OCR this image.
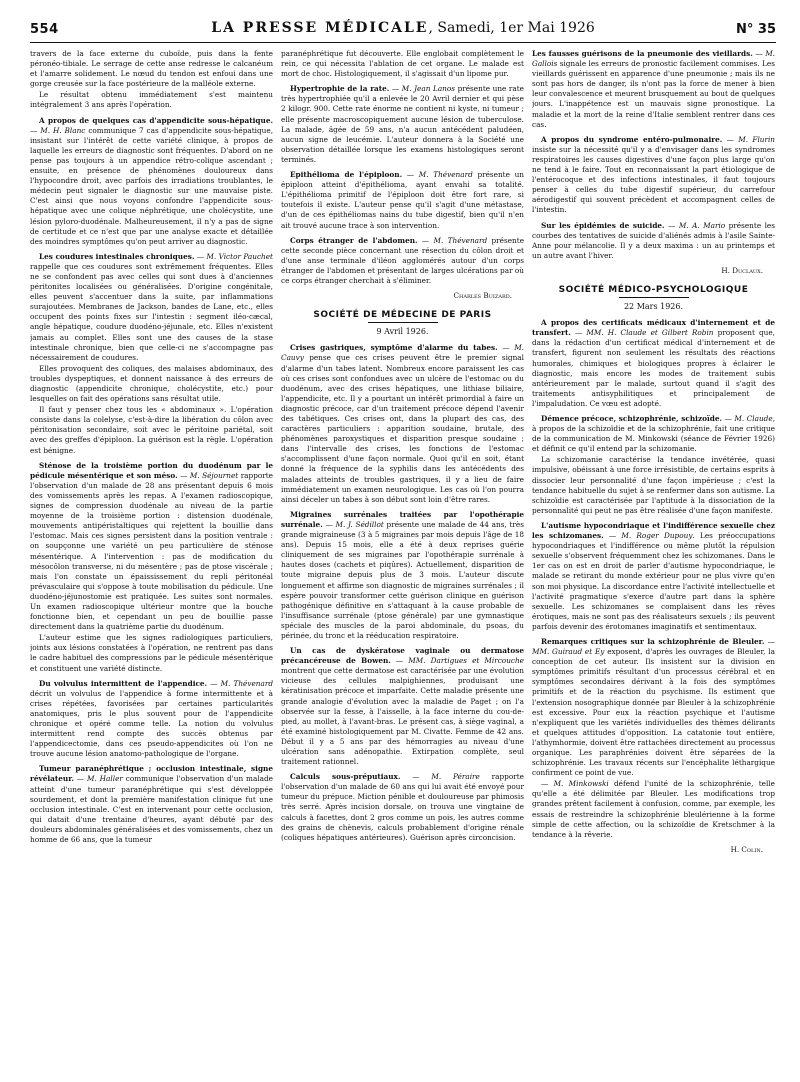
554	LA PRESSE MÉDICALE, Samedi, 1er Mai 1926	N° 35

travers de la face externe du cuboïde, puis dans la fente péronéo-tibiale. Le serrage de cette anse redresse le calcanéum et l'amarre solidement. Le nœud du tendon est enfoui dans une gorge creusée sur la face postérieure de la malléole externe.

Le résultat obtenu immédiatement s'est maintenu intégralement 3 ans après l'opération.

A propos de quelques cas d'appendicite sous-hépatique. — M. H. Blanc communique 7 cas d'appendicite sous-hépatique, insistant sur l'intérêt de cette variété clinique, à propos de laquelle les erreurs de diagnostic sont fréquentes. D'abord on ne pense pas toujours à un appendice rétro-colique ascendant ; ensuite, en présence de phénomènes douloureux dans l'hypocondre droit, avec parfois des irradiations troublantes, le médecin peut signaler le diagnostic sur une mauvaise piste. C'est ainsi que nous voyons confondre l'appendicite sous-hépatique avec une colique néphrétique, une cholécystite, une lésion pyloro-duodénale. Malheureusement, il n'y a pas de signe de certitude et ce n'est que par une analyse exacte et détaillée des moindres symptômes qu'on peut arriver au diagnostic.

Les coudures intestinales chroniques. — M. Victor Pauchet rappelle que ces coudures sont extrêmement fréquentes. Elles ne se confondent pas avec celles qui sont dues à d'anciennes péritonites localisées ou généralisées. D'origine congénitale, elles peuvent s'accentuer dans la suite, par inflammations surajoutées. Membranes de Jackson, bandes de Lane, etc., elles occupent des points fixes sur l'intestin : segment iléo-cæcal, angle hépatique, coudure duodéno-jéjunale, etc. Elles n'existent jamais au complet. Elles sont une des causes de la stase intestinale chronique, bien que celle-ci ne s'accompagne pas nécessairement de coudures.

Elles provoquent des coliques, des malaises abdominaux, des troubles dyspeptiques, et donnent naissance à des erreurs de diagnostic (appendicite chronique, cholécystite, etc.) pour lesquelles on fait des opérations sans résultat utile.

Il faut y penser chez tous les « abdominaux ». L'opération consiste dans la colelyse, c'est-à-dire la libération du côlon avec péritonisation secondaire, soit avec le péritoine pariétal, soit avec des greffes d'épiploon. La guérison est la règle. L'opération est bénigne.

Sténose de la troisième portion du duodénum par le pédicule mésentérique et son méso. — M. Séjournet rapporte l'observation d'un malade de 28 ans présentant depuis 6 mois des vomissements après les repas. A l'examen radioscopique, signes de compression duodénale au niveau de la partie moyenne de la troisième portion : distension duodénale, mouvements antipéristaltiques qui rejettent la bouillie dans l'estomac. Mais ces signes persistent dans la position ventrale : on soupçonne une variété un peu particulière de sténose mésentérique. A l'intervention : pas de modification du mésocôlon transverse, ni du mésentère ; pas de ptose viscérale ; mais l'on constate un épaississement du repli péritonéal prévasculaire qui s'oppose à toute mobilisation du pédicule. Une duodéno-jéjunostomie est pratiquée. Les suites sont normales. Un examen radioscopique ultérieur montre que la bouche fonctionne bien, et cependant un peu de bouillie passe directement dans la quatrième partie du duodénum.

L'auteur estime que les signes radiologiques particuliers, joints aux lésions constatées à l'opération, ne rentrent pas dans le cadre habituel des compressions par le pédicule mésentérique et constituent une variété distincte.

Du volvulus intermittent de l'appendice. — M. Thévenard décrit un volvulus de l'appendice à forme intermittente et à crises répétées, favorisées par certaines particularités anatomiques, pris le plus souvent pour de l'appendicite chronique et opéré comme telle. La notion du volvulus intermittent rend compte des succès obtenus par l'appendicectomie, dans ces pseudo-appendicites où l'on ne trouve aucune lésion anatomo-pathologique de l'organe.

Tumeur paranéphrétique ; occlusion intestinale, signe révélateur. — M. Haller communique l'observation d'un malade atteint d'une tumeur paranéphrétique qui s'est développée sourdement, et dont la première manifestation clinique fut une occlusion intestinale. C'est en intervenant pour cette occlusion, qui datait d'une trentaine d'heures, ayant débuté par des douleurs abdominales généralisées et des vomissements, chez un homme de 66 ans, que la tumeur

paranéphrétique fut découverte. Elle englobait complètement le rein, ce qui nécessita l'ablation de cet organe. Le malade est mort de choc. Histologiquement, il s'agissait d'un lipome pur.

Hypertrophie de la rate. — M. Jean Lanos présente une rate très hypertrophiée qu'il a enlevée le 20 Avril dernier et qui pèse 2 kilogr. 900. Cette rate énorme ne contient ni kyste, ni tumeur ; elle présente macroscopiquement aucune lésion de tuberculose. La malade, âgée de 59 ans, n'a aucun antécédent paludéen, aucun signe de leucémie. L'auteur donnera à la Société une observation détaillée lorsque les examens histologiques seront terminés.

Epithélioma de l'épiploon. — M. Thévenard présente un épiploon atteint d'épithélioma, ayant envahi sa totalité. L'épithélioma primitif de l'épiploon doit être fort rare, si toutefois il existe. L'auteur pense qu'il s'agit d'une métastase, d'un de ces épithéliomas nains du tube digestif, bien qu'il n'en ait trouvé aucune trace à son intervention.

Corps étranger de l'abdomen. — M. Thévenard présente cette seconde pièce concernant une résection du côlon droit et d'une anse terminale d'iléon agglomérés autour d'un corps étranger de l'abdomen et présentant de larges ulcérations par où ce corps étranger cherchait à s'éliminer.

Charles Buizard.
SOCIÉTÉ DE MÉDECINE DE PARIS
9 Avril 1926.

Crises gastriques, symptôme d'alarme du tabes. — M. Cauvy pense que ces crises peuvent être le premier signal d'alarme d'un tabes latent. Nombreux encore paraissent les cas où ces crises sont confondues avec un ulcère de l'estomac ou du duodénum, avec des crises hépatiques, une lithiase biliaire, l'appendicite, etc. Il y a pourtant un intérêt primordial à faire un diagnostic précoce, car d'un traitement précoce dépend l'avenir des tabétiques. Ces crises ont, dans la plupart des cas, des caractères particuliers : apparition soudaine, brutale, des phénomènes paroxystiques et disparition presque soudaine ; dans l'intervalle des crises, les fonctions de l'estomac s'accomplissent d'une façon normale. Quoi qu'il en soit, étant donné la fréquence de la syphilis dans les antécédents des malades atteints de troubles gastriques, il y a lieu de faire immédiatement un examen neurologique. Les cas où l'on pourra ainsi déceler un tabes à son début sont loin d'être rares.

Migraines surrénales traitées par l'opothérapie surrénale. — M. J. Sédillot présente une malade de 44 ans, très grande migraineuse (3 à 5 migraines par mois depuis l'âge de 18 ans). Depuis 15 mois, elle a été à deux reprises guérie cliniquement de ses migraines par l'opothérapie surrénale à hautes doses (cachets et piqûres). Actuellement, disparition de toute migraine depuis plus de 3 mois. L'auteur discute longuement et affirme son diagnostic de migraines surrénales ; il espère pouvoir transformer cette guérison clinique en guérison pathogénique définitive en s'attaquant à la cause probable de l'insuffisance surrénale (ptose générale) par une gymnastique spéciale des muscles de la paroi abdominale, du psoas, du périnée, du tronc et la rééducation respiratoire.

Un cas de dyskératose vaginale ou dermatose précancéreuse de Bowen. — MM. Dartigues et Mircouche montrent que cette dermatose est caractérisée par une évolution vicieuse des cellules malpighiennes, produisant une kératinisation précoce et imparfaite. Cette maladie présente une grande analogie d'évolution avec la maladie de Paget ; on l'a observée sur la fesse, à l'aisselle, à la face interne du cou-de-pied, au mollet, à l'avant-bras. Le présent cas, à siège vaginal, a été examiné histologiquement par M. Civatte. Femme de 42 ans. Début il y a 5 ans par des hémorragies au niveau d'une ulcération sans adénopathie. Extirpation complète, seul traitement rationnel.

Calculs sous-préputiaux. — M. Péraire rapporte l'observation d'un malade de 60 ans qui lui avait été envoyé pour tumeur du prépuce. Miction pénible et douloureuse par phimosis très serré. Après incision dorsale, on trouva une vingtaine de calculs à facettes, dont 2 gros comme un pois, les autres comme des grains de chènevis, calculs probablement d'origine rénale (coliques hépatiques antérieures). Guérison après circoncision.

Les fausses guérisons de la pneumonie des vieillards. — M. Gallois signale les erreurs de pronostic facilement commises. Les vieillards guérissent en apparence d'une pneumonie ; mais ils ne sont pas hors de danger, ils n'ont pas la force de mener à bien leur convalescence et meurent brusquement au bout de quelques jours. L'inappétence est un mauvais signe pronostique. La maladie et la mort de la reine d'Italie semblent rentrer dans ces cas.

A propos du syndrome entéro-pulmonaire. — M. Flurin insiste sur la nécessité qu'il y a d'envisager dans les syndromes respiratoires les causes digestives d'une façon plus large qu'on ne tend à le faire. Tout en reconnaissant la part étiologique de l'entérocoque et des infections intestinales, il faut toujours penser à celles du tube digestif supérieur, du carrefour aérodigestif qui souvent précèdent et accompagnent celles de l'intestin.

Sur les épidémies de suicide. — M. A. Mario présente les courbes des tentatives de suicide d'aliénés admis à l'asile Sainte-Anne pour mélancolie. Il y a deux maxima : un au printemps et un autre avant l'hiver.

H. Duclaux.
SOCIÉTÉ MÉDICO-PSYCHOLOGIQUE
22 Mars 1926.

A propos des certificats médicaux d'internement et de transfert. — MM. H. Claude et Gilbert Robin proposent que, dans la rédaction d'un certificat médical d'internement et de transfert, figurent non seulement les résultats des réactions humorales, chimiques et biologiques propres à éclairer le diagnostic, mais encore les modes de traitement subis antérieurement par le malade, surtout quand il s'agit des traitements antisyphilitiques et principalement de l'impaludation. Ce vœu est adopté.

Démence précoce, schizophrénie, schizoïde. — M. Claude, à propos de la schizoïdie et de la schizophrénie, fait une critique de la communication de M. Minkowski (séance de Février 1926) et définit ce qu'il entend par la schizomanie.

La schizomanie caractérise la tendance invétérée, quasi impulsive, obéissant à une force irrésistible, de certains esprits à dissocier leur personnalité d'une façon impérieuse ; c'est la tendance habituelle du sujet à se renfermer dans son autisme. La schizoïdie est caractérisée par l'aptitude à la dissociation de la personnalité qui peut ne pas être réalisée d'une façon manifeste.

L'autisme hypocondriaque et l'indifférence sexuelle chez les schizomanes. — M. Roger Dupouy. Les préoccupations hypocondriaques et l'indifférence ou même plutôt la répulsion sexuelle s'observent fréquemment chez les schizomanes. Dans le 1er cas on est en droit de parler d'autisme hypocondriaque, le malade se retirant du monde extérieur pour ne plus vivre qu'en son moi physique. La discordance entre l'activité intellectuelle et l'activité pragmatique s'exerce d'autre part dans la sphère sexuelle. Les schizomanes se complaisent dans les rêves érotiques, mais ne sont pas des réalisateurs sexuels ; ils peuvent parfois devenir des érotomanes imaginatifs et sentimentaux.

Remarques critiques sur la schizophrénie de Bleuler. — MM. Guiraud et Ey exposent, d'après les ouvrages de Bleuler, la conception de cet auteur. Ils insistent sur la division en symptômes primitifs résultant d'un processus cérébral et en symptômes secondaires dérivant à la fois des symptômes primitifs et de la réaction du psychisme. Ils estiment que l'extension nosographique donnée par Bleuler à la schizophrénie est excessive. Pour eux la réaction psychique et l'autisme n'expliquent que les variétés individuelles des thèmes délirants et quelques attitudes d'opposition. La catatonie tout entière, l'athymhormie, doivent être rattachées directement au processus organique. Les paraphrénies doivent être séparées de la schizophrénie. Les travaux récents sur l'encéphalite léthargique confirment ce point de vue.

— M. Minkowski défend l'unité de la schizophrénie, telle qu'elle a été délimitée par Bleuler. Les modifications trop grandes prêtent facilement à confusion, comme, par exemple, les essais de restreindre la schizophrénie bleulérienne à la forme simple de cette affection, ou la schizoïdie de Kretschmer à la tendance à la rêverie.

H. Colin.
